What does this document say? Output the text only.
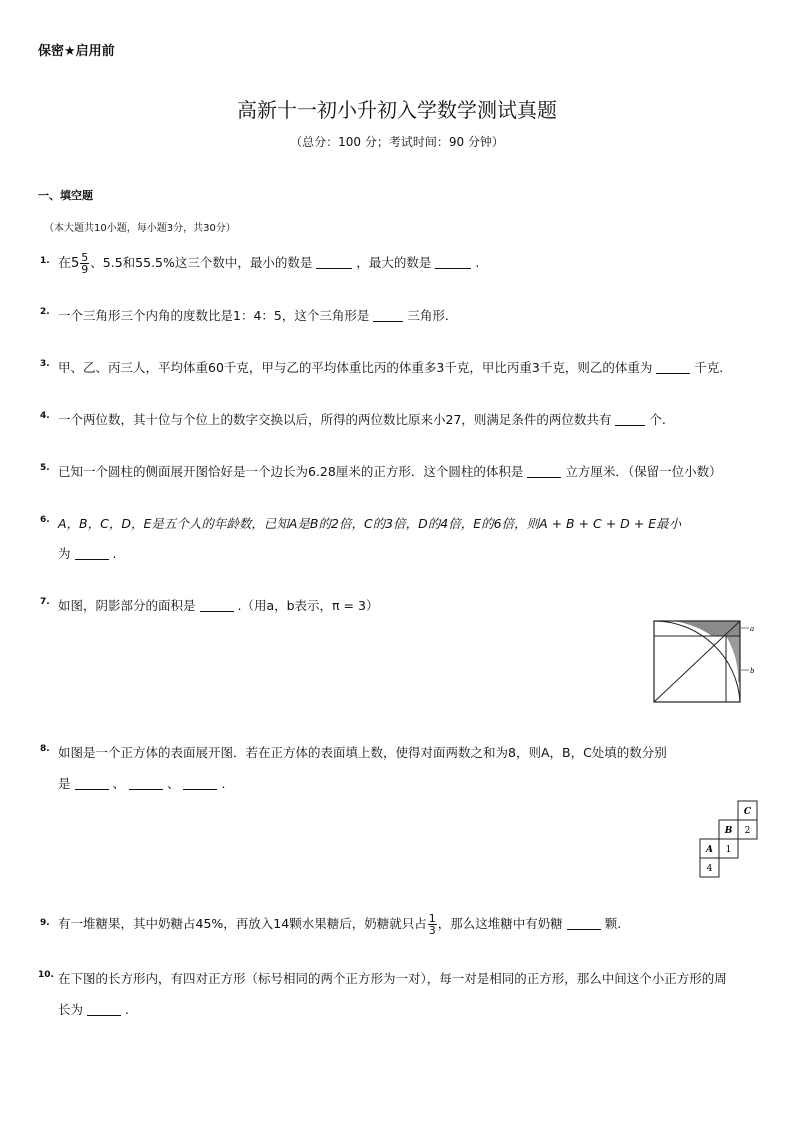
保密★启用前
高新十一初小升初入学数学测试真题
（总分：100 分；考试时间：90 分钟）
一、填空题
（本大题共10小题，每小题3分，共30分）
1. 在$5 \frac{5}{9}$ 、5.5和55.5%这三个数中，最小的数是	，最大的数是	.
2. 一个三角形三个内角的度数比是1：4：5，这个三角形是	三角形.
3. 甲、乙、丙三人，平均体重60千克，甲与乙的平均体重比丙的体重多3千克，甲比丙重3千克，则乙的体重为	千克.
4. 一个两位数，其十位与个位上的数字交换以后，所得的两位数比原来小27，则满足条件的两位数共有	个.
5. 已知一个圆柱的侧面展开图恰好是一个边长为6.28厘米的正方形．这个圆柱的体积是	立方厘米．（保留一位小数）
6. A，B，C，D，E是五个人的年龄数，已知A是B的2倍，C的3倍，D的4倍，E的6倍，则A + B + C + D + E最小
为	.
7. 如图，阴影部分的面积是	.（用a，b表示，π = 3）
a
b
8. 如图是一个正方体的表面展开图．若在正方体的表面填上数，使得对面两数之和为8，则A，B，C处填的数分别
是	、	、	.
C
B 2
A 1
4
9. 有一堆糖果，其中奶糖占45%，再放入14颗水果糖后，奶糖就只占 $\frac{1}{3}$ ，那么这堆糖中有奶糖	颗.
10. 在下图的长方形内，有四对正方形（标号相同的两个正方形为一对），每一对是相同的正方形，那么中间这个小正方形的周
长为	.
